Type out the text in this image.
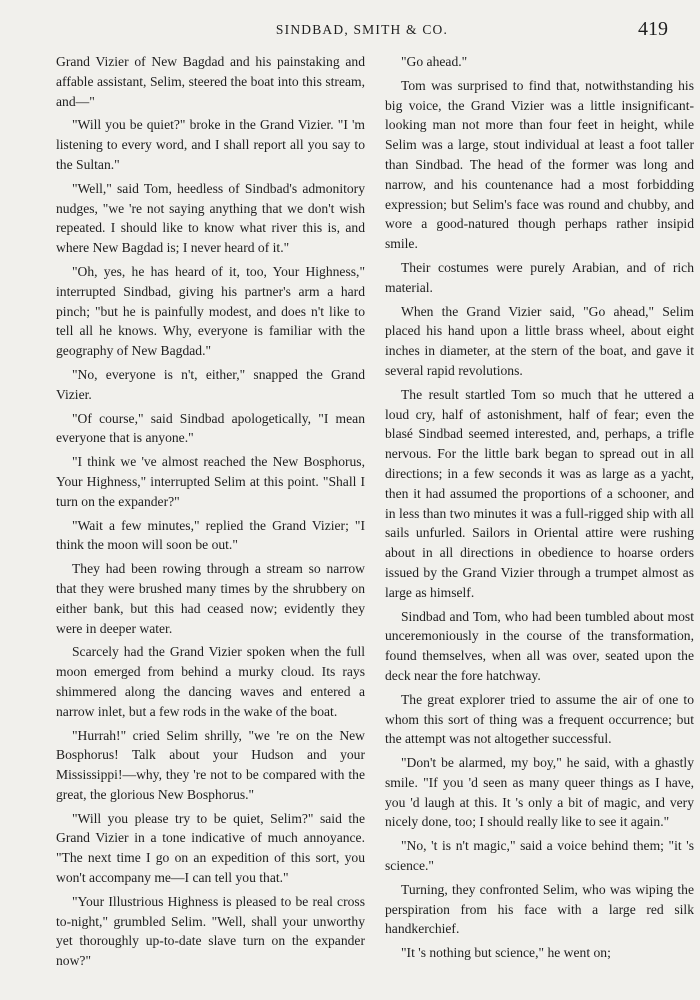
SINDBAD, SMITH & CO.	419

Grand Vizier of New Bagdad and his painstaking and affable assistant, Selim, steered the boat into this stream, and—"

"Will you be quiet?" broke in the Grand Vizier. "I 'm listening to every word, and I shall report all you say to the Sultan."

"Well," said Tom, heedless of Sindbad's admonitory nudges, "we 're not saying anything that we don't wish repeated. I should like to know what river this is, and where New Bagdad is; I never heard of it."

"Oh, yes, he has heard of it, too, Your Highness," interrupted Sindbad, giving his partner's arm a hard pinch; "but he is painfully modest, and does n't like to tell all he knows. Why, everyone is familiar with the geography of New Bagdad."

"No, everyone is n't, either," snapped the Grand Vizier.

"Of course," said Sindbad apologetically, "I mean everyone that is anyone."

"I think we 've almost reached the New Bosphorus, Your Highness," interrupted Selim at this point. "Shall I turn on the expander?"

"Wait a few minutes," replied the Grand Vizier; "I think the moon will soon be out."

They had been rowing through a stream so narrow that they were brushed many times by the shrubbery on either bank, but this had ceased now; evidently they were in deeper water.

Scarcely had the Grand Vizier spoken when the full moon emerged from behind a murky cloud. Its rays shimmered along the dancing waves and entered a narrow inlet, but a few rods in the wake of the boat.

"Hurrah!" cried Selim shrilly, "we 're on the New Bosphorus! Talk about your Hudson and your Mississippi!—why, they 're not to be compared with the great, the glorious New Bosphorus."

"Will you please try to be quiet, Selim?" said the Grand Vizier in a tone indicative of much annoyance. "The next time I go on an expedition of this sort, you won't accompany me—I can tell you that."

"Your Illustrious Highness is pleased to be real cross to-night," grumbled Selim. "Well, shall your unworthy yet thoroughly up-to-date slave turn on the expander now?"

"Go ahead."

Tom was surprised to find that, notwithstanding his big voice, the Grand Vizier was a little insignificant-looking man not more than four feet in height, while Selim was a large, stout individual at least a foot taller than Sindbad. The head of the former was long and narrow, and his countenance had a most forbidding expression; but Selim's face was round and chubby, and wore a good-natured though perhaps rather insipid smile.

Their costumes were purely Arabian, and of rich material.

When the Grand Vizier said, "Go ahead," Selim placed his hand upon a little brass wheel, about eight inches in diameter, at the stern of the boat, and gave it several rapid revolutions.

The result startled Tom so much that he uttered a loud cry, half of astonishment, half of fear; even the blasé Sindbad seemed interested, and, perhaps, a trifle nervous. For the little bark began to spread out in all directions; in a few seconds it was as large as a yacht, then it had assumed the proportions of a schooner, and in less than two minutes it was a full-rigged ship with all sails unfurled. Sailors in Oriental attire were rushing about in all directions in obedience to hoarse orders issued by the Grand Vizier through a trumpet almost as large as himself.

Sindbad and Tom, who had been tumbled about most unceremoniously in the course of the transformation, found themselves, when all was over, seated upon the deck near the fore hatchway.

The great explorer tried to assume the air of one to whom this sort of thing was a frequent occurrence; but the attempt was not altogether successful.

"Don't be alarmed, my boy," he said, with a ghastly smile. "If you 'd seen as many queer things as I have, you 'd laugh at this. It 's only a bit of magic, and very nicely done, too; I should really like to see it again."

"No, 't is n't magic," said a voice behind them; "it 's science."

Turning, they confronted Selim, who was wiping the perspiration from his face with a large red silk handkerchief.

"It 's nothing but science," he went on;
